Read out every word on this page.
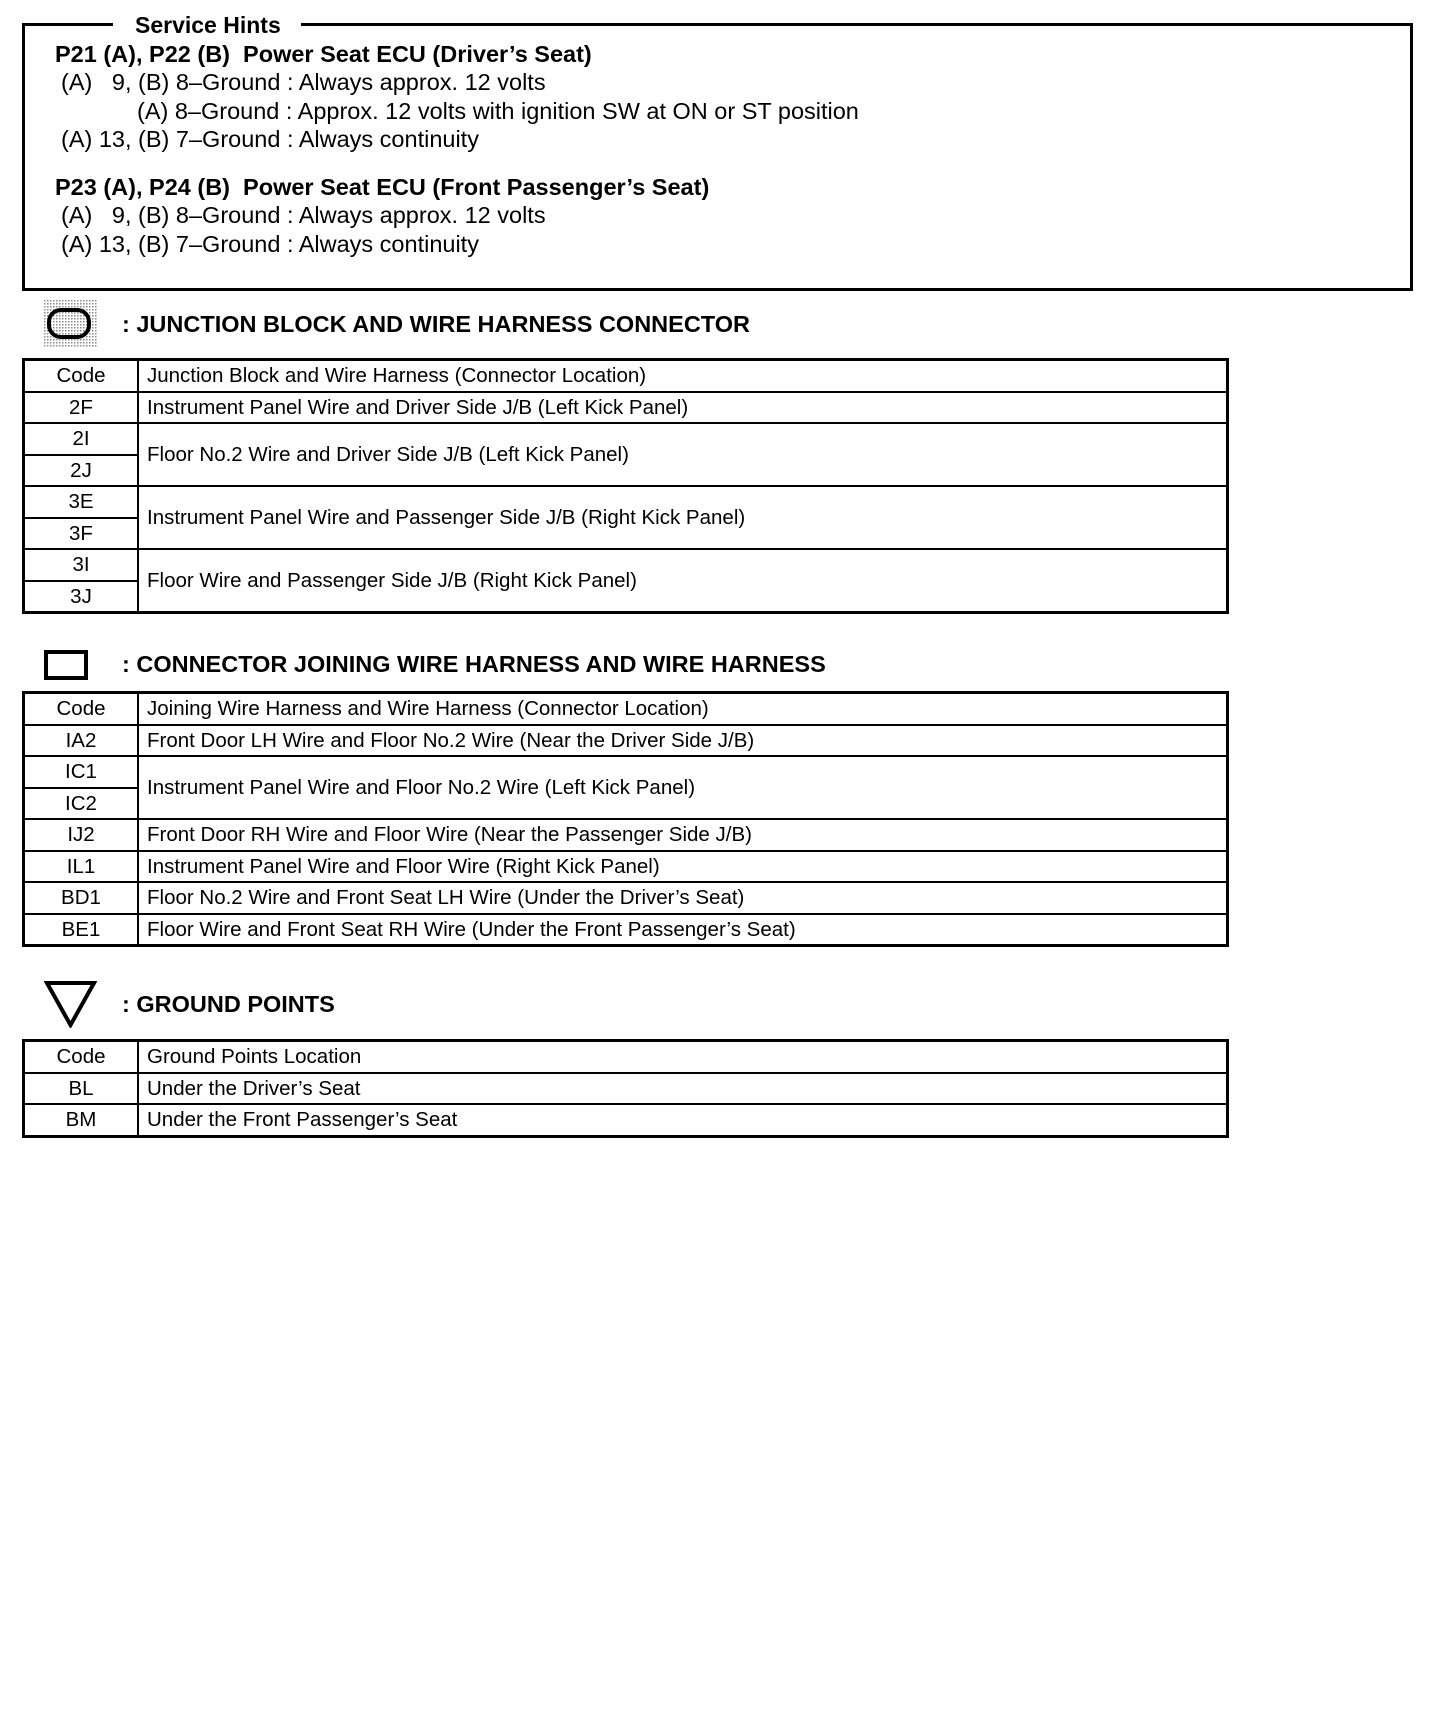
Service Hints
P21 (A), P22 (B)  Power Seat ECU (Driver’s Seat)
(A)   9, (B) 8–Ground : Always approx. 12 volts
(A) 8–Ground : Approx. 12 volts with ignition SW at ON or ST position
(A) 13, (B) 7–Ground : Always continuity
P23 (A), P24 (B)  Power Seat ECU (Front Passenger’s Seat)
(A)   9, (B) 8–Ground : Always approx. 12 volts
(A) 13, (B) 7–Ground : Always continuity
: JUNCTION BLOCK AND WIRE HARNESS CONNECTOR
Code	Junction Block and Wire Harness (Connector Location)
2F	Instrument Panel Wire and Driver Side J/B (Left Kick Panel)
2I	Floor No.2 Wire and Driver Side J/B (Left Kick Panel)
2J	
3E	Instrument Panel Wire and Passenger Side J/B (Right Kick Panel)
3F	
3I	Floor Wire and Passenger Side J/B (Right Kick Panel)
3J	
: CONNECTOR JOINING WIRE HARNESS AND WIRE HARNESS
Code	Joining Wire Harness and Wire Harness (Connector Location)
IA2	Front Door LH Wire and Floor No.2 Wire (Near the Driver Side J/B)
IC1	Instrument Panel Wire and Floor No.2 Wire (Left Kick Panel)
IC2	
IJ2	Front Door RH Wire and Floor Wire (Near the Passenger Side J/B)
IL1	Instrument Panel Wire and Floor Wire (Right Kick Panel)
BD1	Floor No.2 Wire and Front Seat LH Wire (Under the Driver’s Seat)
BE1	Floor Wire and Front Seat RH Wire (Under the Front Passenger’s Seat)
: GROUND POINTS
Code	Ground Points Location
BL	Under the Driver’s Seat
BM	Under the Front Passenger’s Seat
